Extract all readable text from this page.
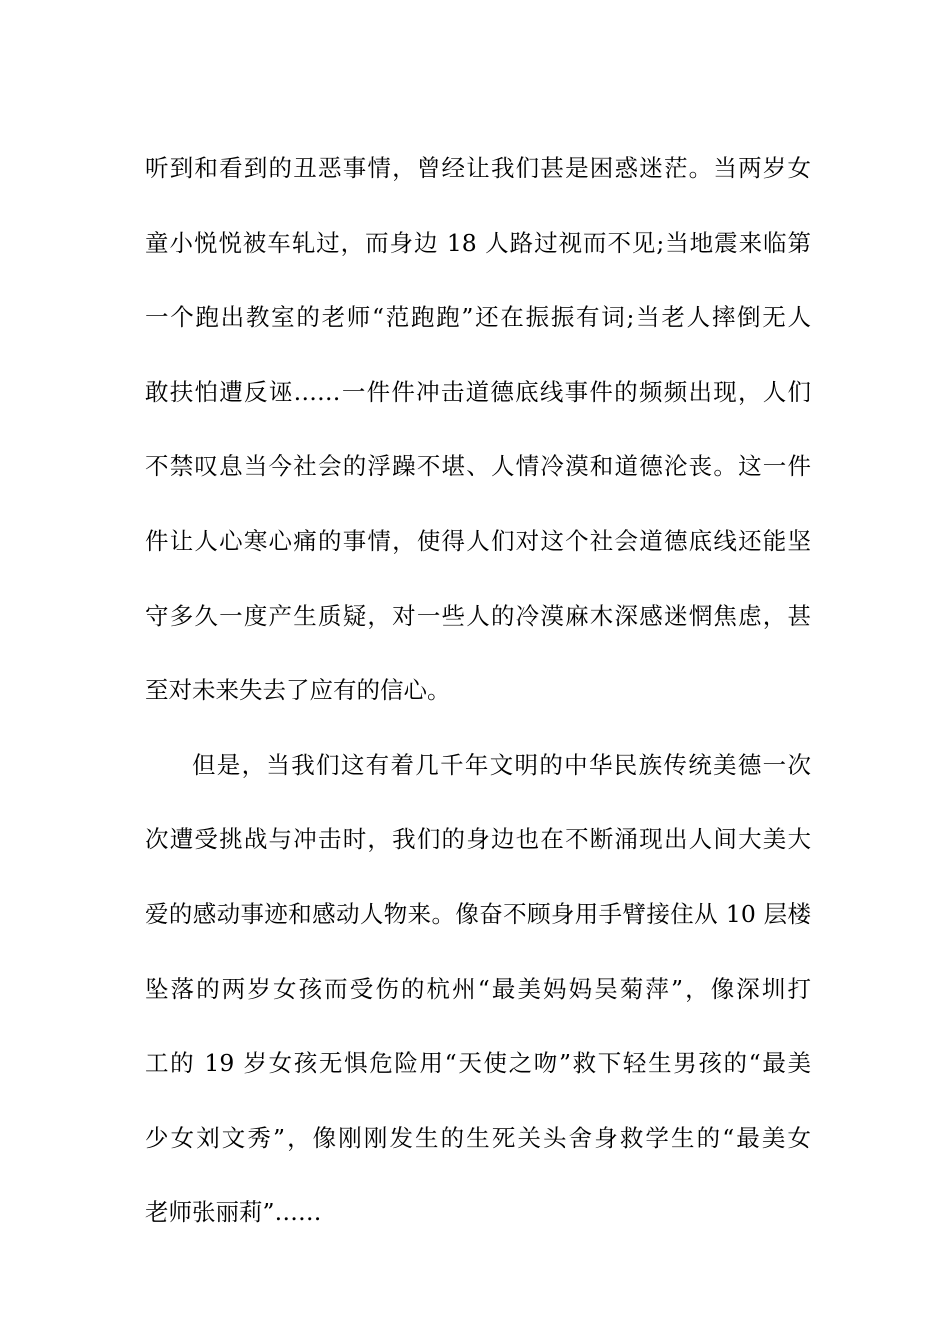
听到和看到的丑恶事情，曾经让我们甚是困惑迷茫。当两岁女
童小悦悦被车轧过，而身边 18 人路过视而不见;当地震来临第
一个跑出教室的老师“范跑跑”还在振振有词;当老人摔倒无人
敢扶怕遭反诬……一件件冲击道德底线事件的频频出现，人们
不禁叹息当今社会的浮躁不堪、人情冷漠和道德沦丧。这一件
件让人心寒心痛的事情，使得人们对这个社会道德底线还能坚
守多久一度产生质疑，对一些人的冷漠麻木深感迷惘焦虑，甚
至对未来失去了应有的信心。
但是，当我们这有着几千年文明的中华民族传统美德一次
次遭受挑战与冲击时，我们的身边也在不断涌现出人间大美大
爱的感动事迹和感动人物来。像奋不顾身用手臂接住从 10 层楼
坠落的两岁女孩而受伤的杭州“最美妈妈吴菊萍”，像深圳打
工的 19 岁女孩无惧危险用“天使之吻”救下轻生男孩的“最美
少女刘文秀”，像刚刚发生的生死关头舍身救学生的“最美女
老师张丽莉”……
